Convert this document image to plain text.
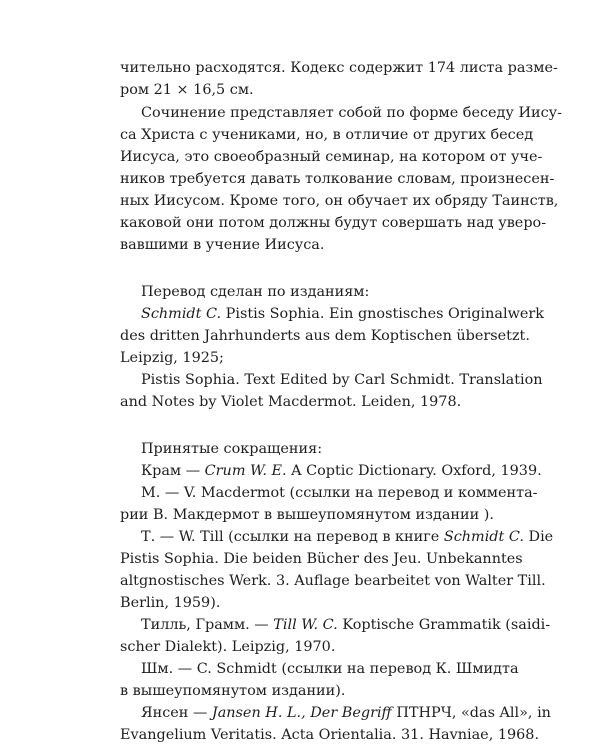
чительно расходятся. Кодекс содержит 174 листа разме-

ром 21 × 16,5 см.

Сочинение представляет собой по форме беседу Иису-

са Христа с учениками, но, в отличие от других бесед

Иисуса, это своеобразный семинар, на котором от уче-

ников требуется давать толкование словам, произнесен-

ных Иисусом. Кроме того, он обучает их обряду Таинств,

каковой они потом должны будут совершать над уверо-

вавшими в учение Иисуса.

Перевод сделан по изданиям:

Schmidt C. Pistis Sophia. Ein gnostisches Originalwerk

des dritten Jahrhunderts aus dem Koptischen übersetzt.

Leipzig, 1925;

Pistis Sophia. Text Edited by Carl Schmidt. Translation

and Notes by Violet Macdermot. Leiden, 1978.

Принятые сокращения:

Крам — Crum W. E. A Coptic Dictionary. Oxford, 1939.

М. — V. Macdermot (ссылки на перевод и коммента-

рии В. Макдермот в вышеупомянутом издании ).

Т. — W. Till (ссылки на перевод в книге Schmidt C. Die

Pistis Sophia. Die beiden Bücher des Jeu. Unbekanntes

altgnostisches Werk. 3. Auflage bearbeitet von Walter Till.

Berlin, 1959).

Тилль, Грамм. — Till W. C. Koptische Grammatik (saidi-

scher Dialekt). Leipzig, 1970.

Шм. — C. Schmidt (ссылки на перевод К. Шмидта

в вышеупомянутом издании).

Янсен — Jansen H. L., Der Begriff ПТНРЧ, «das All», in

Evangelium Veritatis. Acta Orientalia. 31. Havniae, 1968.
